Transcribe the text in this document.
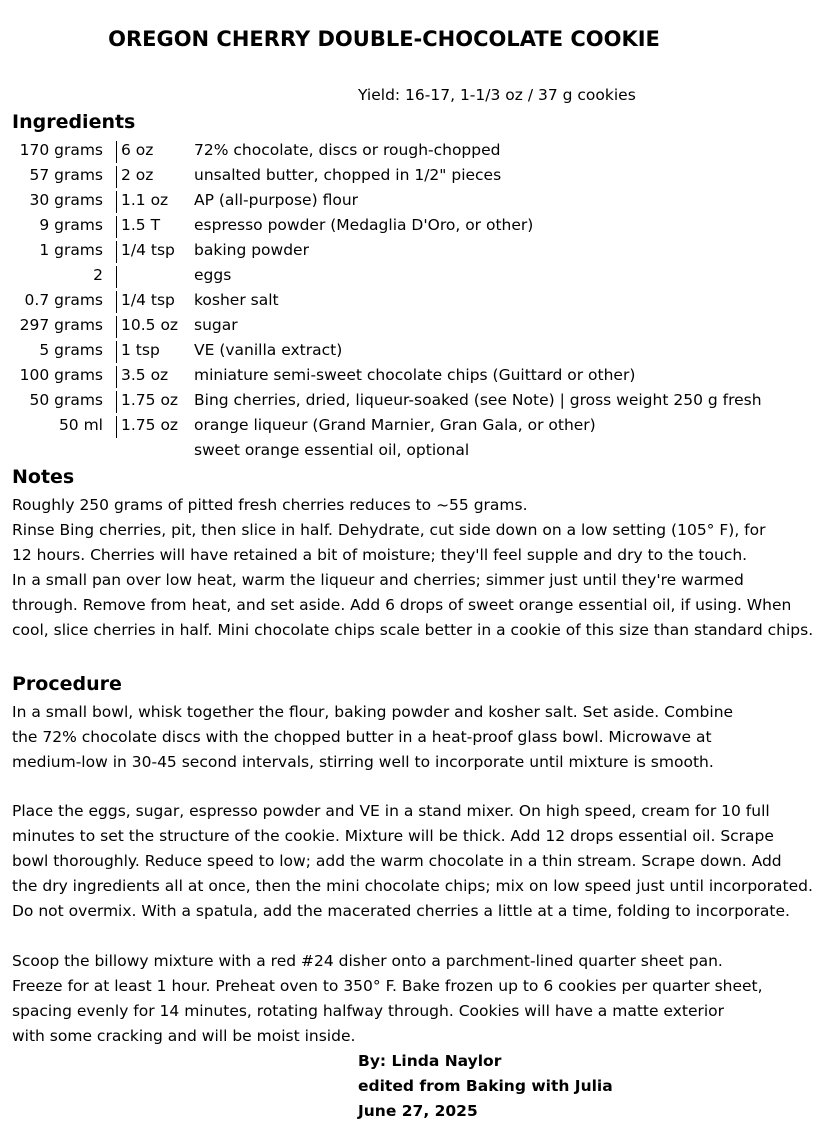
OREGON CHERRY DOUBLE-CHOCOLATE COOKIE
Yield: 16-17, 1-1/3 oz / 37 g cookies
Ingredients
170 grams 6 oz	72% chocolate, discs or rough-chopped
57 grams 2 oz	unsalted butter, chopped in 1/2" pieces
30 grams 1.1 oz AP (all-purpose) flour
9 grams 1.5 T espresso powder (Medaglia D'Oro, or other)
1 grams 1/4 tsp baking powder
2	eggs
0.7 grams 1/4 tsp kosher salt
297 grams 10.5 oz sugar
5 grams 1 tsp VE (vanilla extract)
100 grams 3.5 oz miniature semi-sweet chocolate chips (Guittard or other)
50 grams 1.75 oz Bing cherries, dried, liqueur-soaked (see Note) | gross weight 250 g fresh
50 ml 1.75 oz orange liqueur (Grand Marnier, Gran Gala, or other)
sweet orange essential oil, optional
Notes
Roughly 250 grams of pitted fresh cherries reduces to ~55 grams.
Rinse Bing cherries, pit, then slice in half. Dehydrate, cut side down on a low setting (105° F), for
12 hours. Cherries will have retained a bit of moisture; they'll feel supple and dry to the touch.
In a small pan over low heat, warm the liqueur and cherries; simmer just until they're warmed
through. Remove from heat, and set aside. Add 6 drops of sweet orange essential oil, if using. When
cool, slice cherries in half. Mini chocolate chips scale better in a cookie of this size than standard chips.
Procedure
In a small bowl, whisk together the flour, baking powder and kosher salt. Set aside. Combine
the 72% chocolate discs with the chopped butter in a heat-proof glass bowl. Microwave at
medium-low in 30-45 second intervals, stirring well to incorporate until mixture is smooth.
Place the eggs, sugar, espresso powder and VE in a stand mixer. On high speed, cream for 10 full
minutes to set the structure of the cookie. Mixture will be thick. Add 12 drops essential oil. Scrape
bowl thoroughly. Reduce speed to low; add the warm chocolate in a thin stream. Scrape down. Add
the dry ingredients all at once, then the mini chocolate chips; mix on low speed just until incorporated.
Do not overmix. With a spatula, add the macerated cherries a little at a time, folding to incorporate.
Scoop the billowy mixture with a red #24 disher onto a parchment-lined quarter sheet pan.
Freeze for at least 1 hour. Preheat oven to 350° F. Bake frozen up to 6 cookies per quarter sheet,
spacing evenly for 14 minutes, rotating halfway through. Cookies will have a matte exterior
with some cracking and will be moist inside.
By: Linda Naylor
edited from Baking with Julia
June 27, 2025
